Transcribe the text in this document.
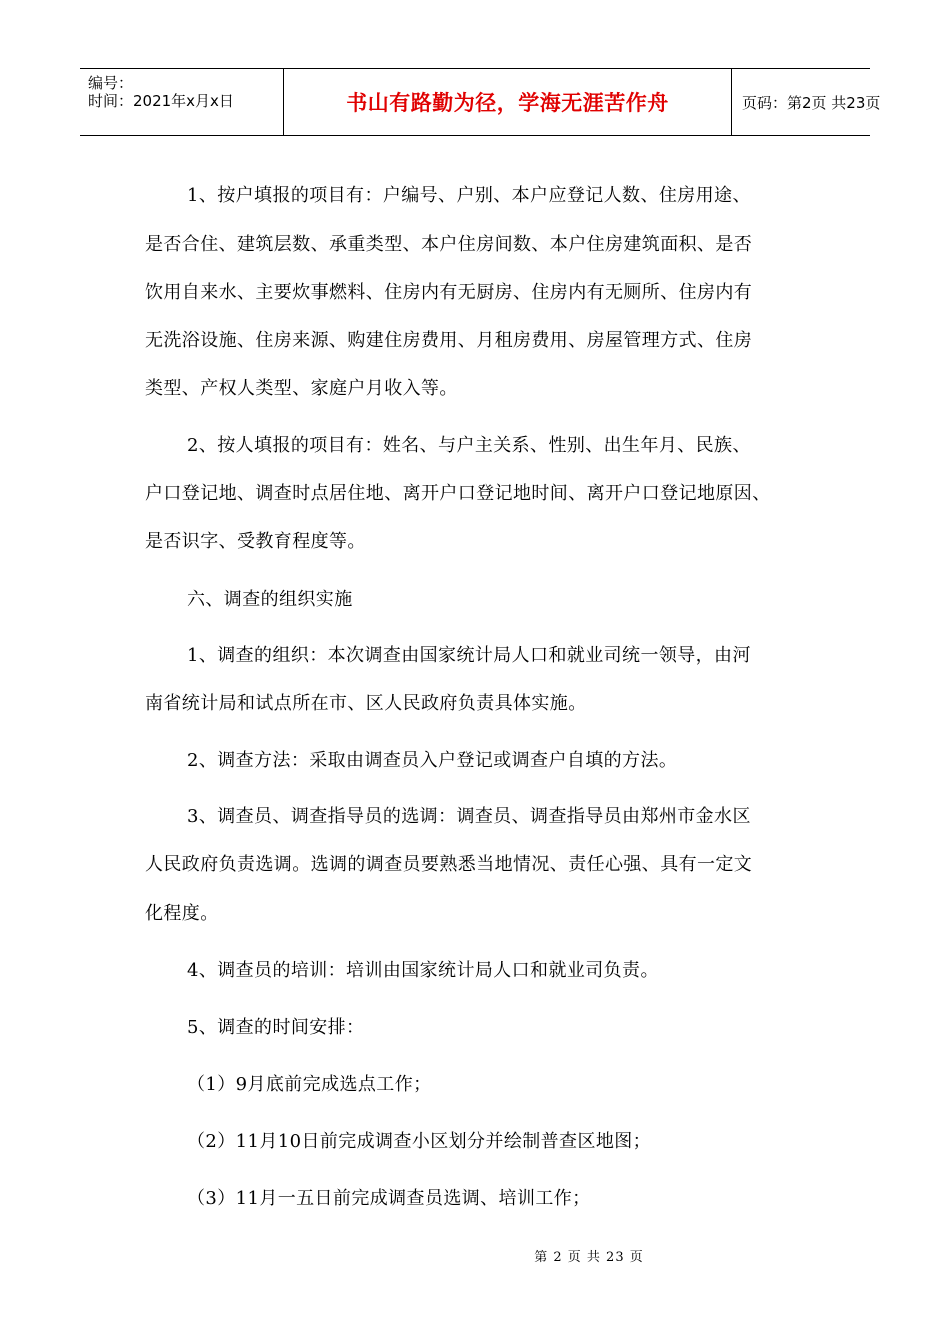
编号：
时间：2021年x月x日	书山有路勤为径，学海无涯苦作舟	页码：第2页 共23页
1、按户填报的项目有：户编号、户别、本户应登记人数、住房用途、
是否合住、建筑层数、承重类型、本户住房间数、本户住房建筑面积、是否
饮用自来水、主要炊事燃料、住房内有无厨房、住房内有无厕所、住房内有
无洗浴设施、住房来源、购建住房费用、月租房费用、房屋管理方式、住房
类型、产权人类型、家庭户月收入等。
2、按人填报的项目有：姓名、与户主关系、性别、出生年月、民族、
户口登记地、调查时点居住地、离开户口登记地时间、离开户口登记地原因、
是否识字、受教育程度等。
六、调查的组织实施
1、调查的组织：本次调查由国家统计局人口和就业司统一领导，由河
南省统计局和试点所在市、区人民政府负责具体实施。
2、调查方法：采取由调查员入户登记或调查户自填的方法。
3、调查员、调查指导员的选调：调查员、调查指导员由郑州市金水区
人民政府负责选调。选调的调查员要熟悉当地情况、责任心强、具有一定文
化程度。
4、调查员的培训：培训由国家统计局人口和就业司负责。
5、调查的时间安排：
（1）9月底前完成选点工作；
（2）11月10日前完成调查小区划分并绘制普查区地图；
（3）11月一五日前完成调查员选调、培训工作；
第 2 页 共 23 页
